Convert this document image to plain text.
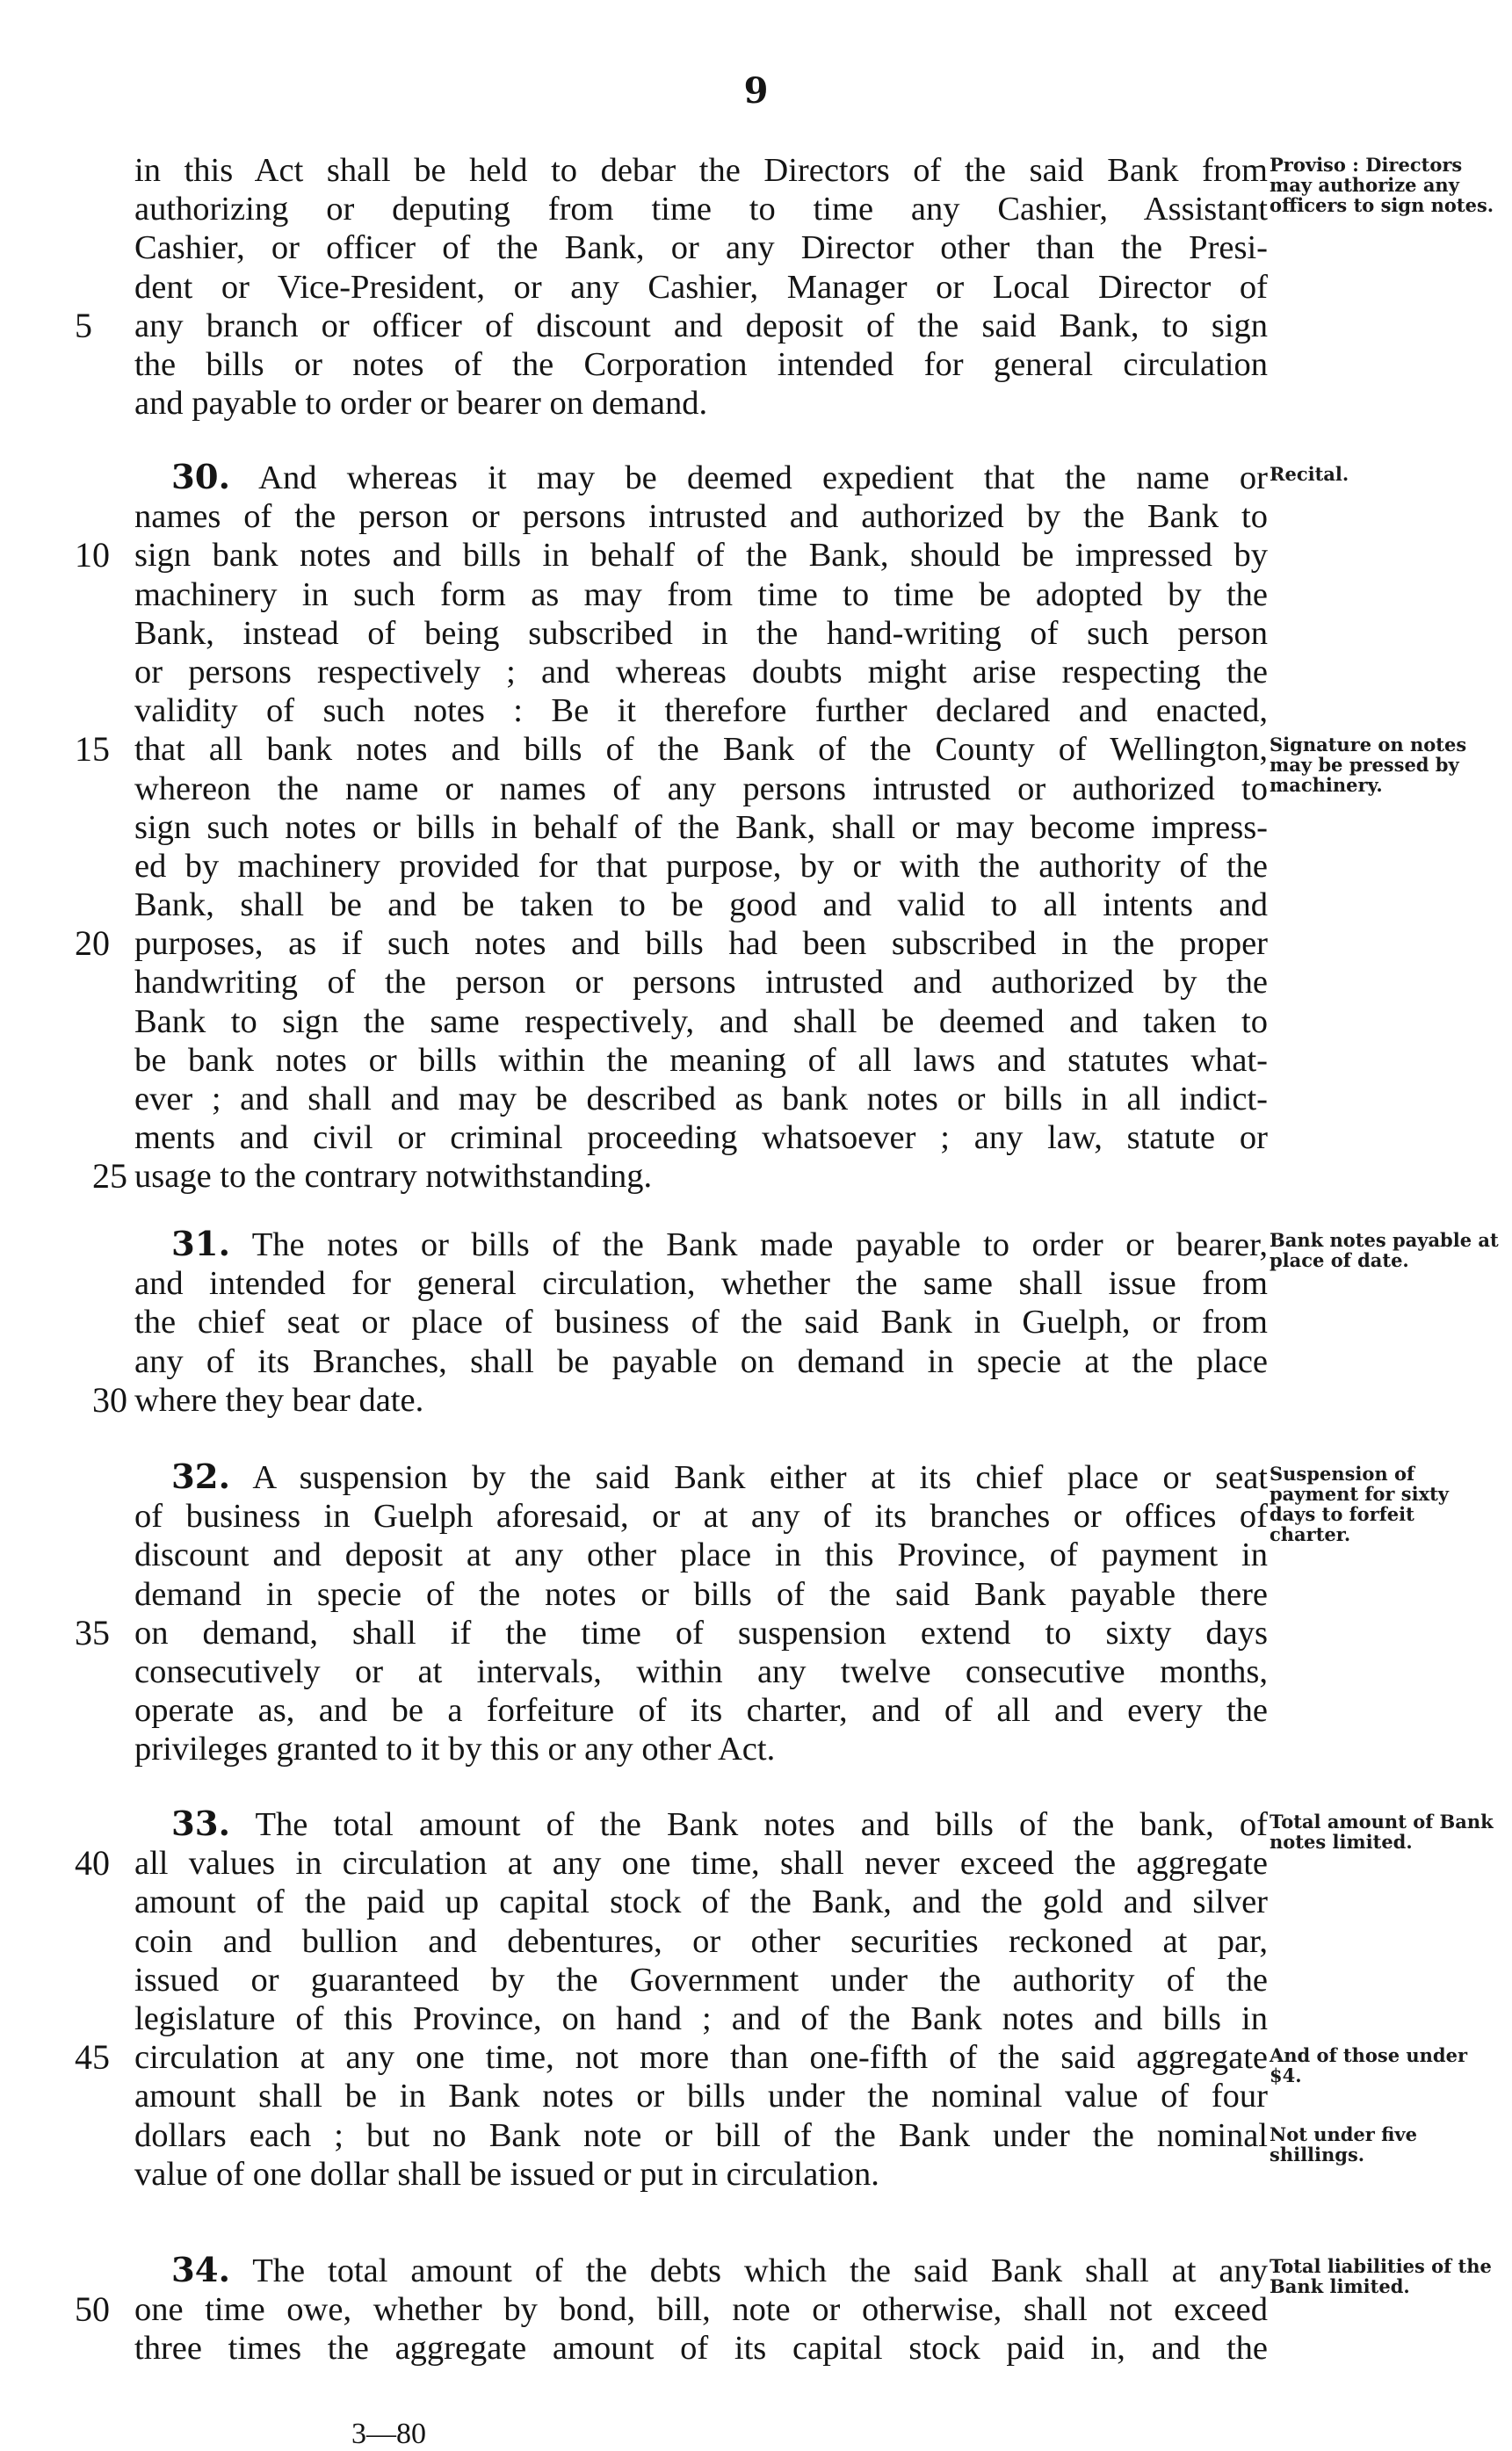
9
in this Act shall be held to debar the Directors of the said Bank from
authorizing or deputing from time to time any Cashier, Assistant
Cashier, or officer of the Bank, or any Director other than the Presi-
dent or Vice-President, or any Cashier, Manager or Local Director of
5	any branch or officer of discount and deposit of the said Bank, to sign
the bills or notes of the Corporation intended for general circulation
and payable to order or bearer on demand.
30. And whereas it may be deemed expedient that the name or
names of the person or persons intrusted and authorized by the Bank to
10 sign bank notes and bills in behalf of the Bank, should be impressed by
machinery in such form as may from time to time be adopted by the
Bank, instead of being subscribed in the hand-writing of such person
or persons respectively ; and whereas doubts might arise respecting the
validity of such notes : Be it therefore further declared and enacted,
15 that all bank notes and bills of the Bank of the County of Wellington,
whereon the name or names of any persons intrusted or authorized to
sign such notes or bills in behalf of the Bank, shall or may become impress-
ed by machinery provided for that purpose, by or with the authority of the
Bank, shall be and be taken to be good and valid to all intents and
20 purposes, as if such notes and bills had been subscribed in the proper
handwriting of the person or persons intrusted and authorized by the
Bank to sign the same respectively, and shall be deemed and taken to
be bank notes or bills within the meaning of all laws and statutes what-
ever ; and shall and may be described as bank notes or bills in all indict-
ments and civil or criminal proceeding whatsoever ; any law, statute or
25 usage to the contrary notwithstanding.
31. The notes or bills of the Bank made payable to order or bearer,
and intended for general circulation, whether the same shall issue from
the chief seat or place of business of the said Bank in Guelph, or from
any of its Branches, shall be payable on demand in specie at the place
30 where they bear date.
32. A suspension by the said Bank either at its chief place or seat
of business in Guelph aforesaid, or at any of its branches or offices of
discount and deposit at any other place in this Province, of payment in
demand in specie of the notes or bills of the said Bank payable there
35 on demand, shall if the time of suspension extend to sixty days
consecutively or at intervals, within any twelve consecutive months,
operate as, and be a forfeiture of its charter, and of all and every the
privileges granted to it by this or any other Act.
33. The total amount of the Bank notes and bills of the bank, of
40 all values in circulation at any one time, shall never exceed the aggregate
amount of the paid up capital stock of the Bank, and the gold and silver
coin and bullion and debentures, or other securities reckoned at par,
issued or guaranteed by the Government under the authority of the
legislature of this Province, on hand ; and of the Bank notes and bills in
45 circulation at any one time, not more than one-fifth of the said aggregate
amount shall be in Bank notes or bills under the nominal value of four
dollars each ; but no Bank note or bill of the Bank under the nominal
value of one dollar shall be issued or put in circulation.
34. The total amount of the debts which the said Bank shall at any
50 one time owe, whether by bond, bill, note or otherwise, shall not exceed
three times the aggregate amount of its capital stock paid in, and the
Proviso : Directors may authorize any officers to sign notes.
Recital.
Signature on notes may be pressed by machinery.
Bank notes payable at place of date.
Suspension of payment for sixty days to forfeit charter.
Total amount of Bank notes limited.
And of those under $4.
Not under five shillings.
Total liabilities of the Bank limited.
3—80
